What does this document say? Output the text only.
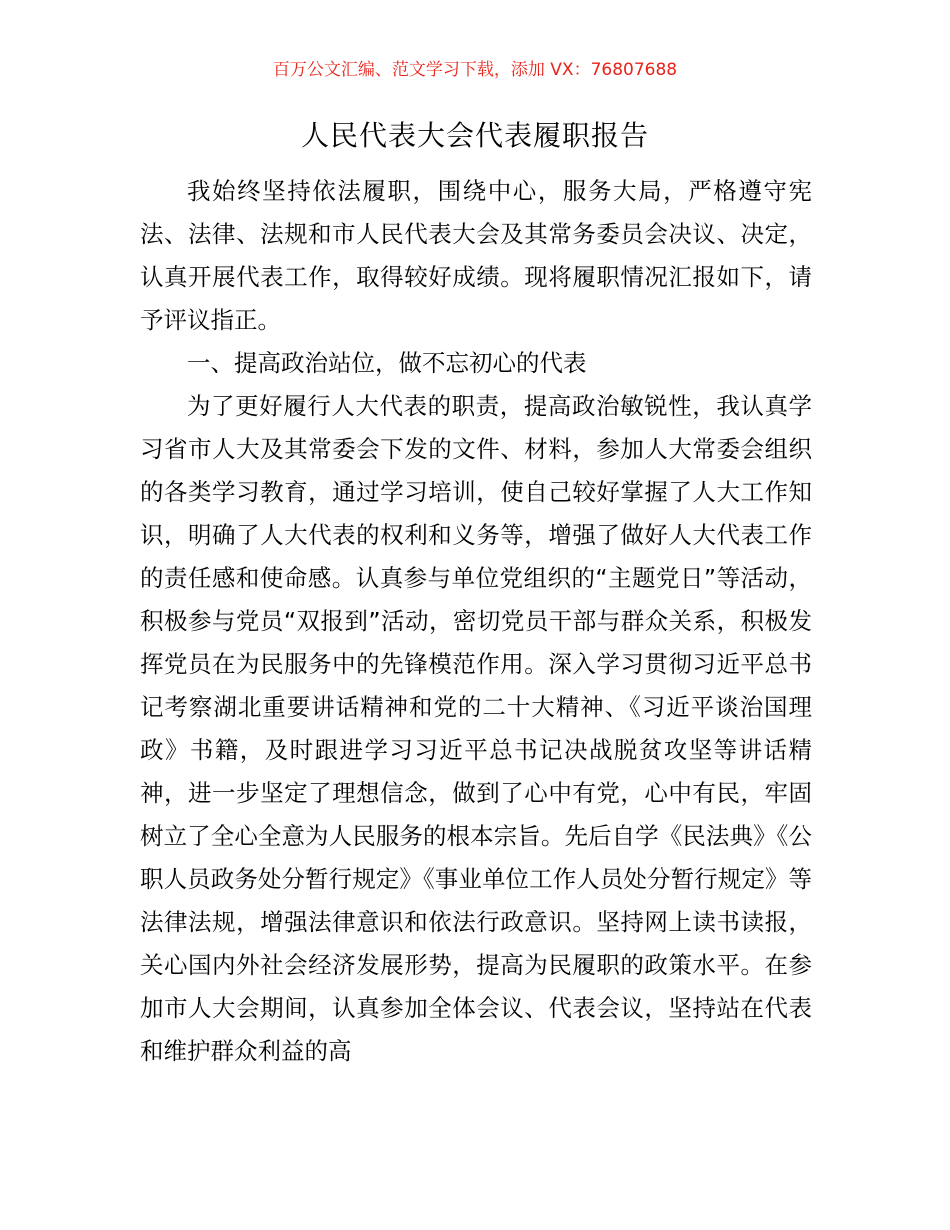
百万公文汇编、范文学习下载，添加 VX：76807688
人民代表大会代表履职报告

我始终坚持依法履职，围绕中心，服务大局，严格遵守宪法、法律、法规和市人民代表大会及其常务委员会决议、决定，认真开展代表工作，取得较好成绩。现将履职情况汇报如下，请予评议指正。

一、提高政治站位，做不忘初心的代表

为了更好履行人大代表的职责，提高政治敏锐性，我认真学习省市人大及其常委会下发的文件、材料，参加人大常委会组织的各类学习教育，通过学习培训，使自己较好掌握了人大工作知识，明确了人大代表的权利和义务等，增强了做好人大代表工作的责任感和使命感。认真参与单位党组织的“主题党日”等活动，积极参与党员“双报到”活动，密切党员干部与群众关系，积极发挥党员在为民服务中的先锋模范作用。深入学习贯彻习近平总书记考察湖北重要讲话精神和党的二十大精神、《习近平谈治国理政》书籍，及时跟进学习习近平总书记决战脱贫攻坚等讲话精神，进一步坚定了理想信念，做到了心中有党，心中有民，牢固树立了全心全意为人民服务的根本宗旨。先后自学《民法典》《公职人员政务处分暂行规定》《事业单位工作人员处分暂行规定》等法律法规，增强法律意识和依法行政意识。坚持网上读书读报，关心国内外社会经济发展形势，提高为民履职的政策水平。在参加市人大会期间，认真参加全体会议、代表会议，坚持站在代表和维护群众利益的高
